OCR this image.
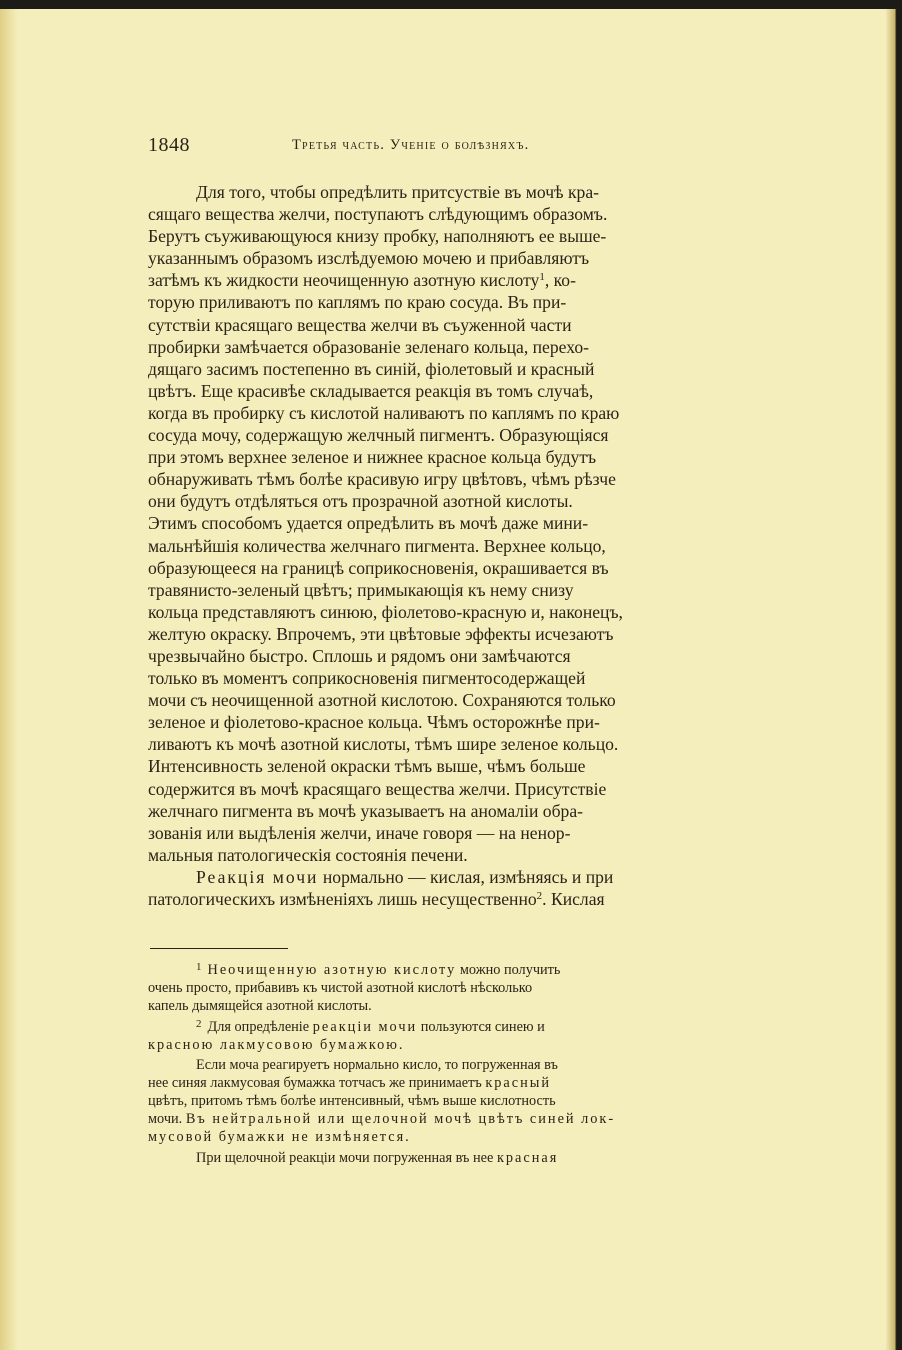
1848	Третья часть. Ученіе о болѣзняхъ.
Для того, чтобы опредѣлить притсуствіе въ мочѣ кра-
сящаго вещества желчи, поступаютъ слѣдующимъ образомъ.
Берутъ съуживающуюся книзу пробку, наполняютъ ее выше-
указаннымъ образомъ изслѣдуемою мочею и прибавляютъ
затѣмъ къ жидкости неочищенную азотную кислоту$^1$, ко-
торую приливаютъ по каплямъ по краю сосуда. Въ при-
сутствіи красящаго вещества желчи въ съуженной части
пробирки замѣчается образованіе зеленаго кольца, перехо-
дящаго засимъ постепенно въ синій, фіолетовый и красный
цвѣтъ. Еще красивѣе складывается реакція въ томъ случаѣ,
когда въ пробирку съ кислотой наливаютъ по каплямъ по краю
сосуда мочу, содержащую желчный пигментъ. Образующіяся
при этомъ верхнее зеленое и нижнее красное кольца будутъ
обнаруживать тѣмъ болѣе красивую игру цвѣтовъ, чѣмъ рѣзче
они будутъ отдѣляться отъ прозрачной азотной кислоты.
Этимъ способомъ удается опредѣлить въ мочѣ даже мини-
мальнѣйшія количества желчнаго пигмента. Верхнее кольцо,
образующееся на границѣ соприкосновенія, окрашивается въ
травянисто-зеленый цвѣтъ; примыкающія къ нему снизу
кольца представляютъ синюю, фіолетово-красную и, наконецъ,
желтую окраску. Впрочемъ, эти цвѣтовые эффекты исчезаютъ
чрезвычайно быстро. Сплошь и рядомъ они замѣчаются
только въ моментъ соприкосновенія пигментосодержащей
мочи съ неочищенной азотной кислотою. Сохраняются только
зеленое и фіолетово-красное кольца. Чѣмъ осторожнѣе при-
ливаютъ къ мочѣ азотной кислоты, тѣмъ шире зеленое кольцо.
Интенсивность зеленой окраски тѣмъ выше, чѣмъ больше
содержится въ мочѣ красящаго вещества желчи. Присутствіе
желчнаго пигмента въ мочѣ указываетъ на аномаліи обра-
зованія или выдѣленія желчи, иначе говоря — на ненор-
мальныя патологическія состоянія печени.
Реакція мочи нормально — кислая, измѣняясь и при
патологическихъ измѣненіяхъ лишь несущественно$^2$. Кислая
$^1$ Неочищенную азотную кислоту можно получить
очень просто, прибавивъ къ чистой азотной кислотѣ нѣсколько
капель дымящейся азотной кислоты.
$^2$ Для опредѣленіе реакціи мочи пользуются синею и
красною лакмусовою бумажкою.
Если моча реагируетъ нормально кисло, то погруженная въ
нее синяя лакмусовая бумажка тотчасъ же принимаетъ красный
цвѣтъ, притомъ тѣмъ болѣе интенсивный, чѣмъ выше кислотность
мочи. Въ нейтральной или щелочной мочѣ цвѣтъ синей лок-
мусовой бумажки не измѣняется.
При щелочной реакціи мочи погруженная въ нее красная
